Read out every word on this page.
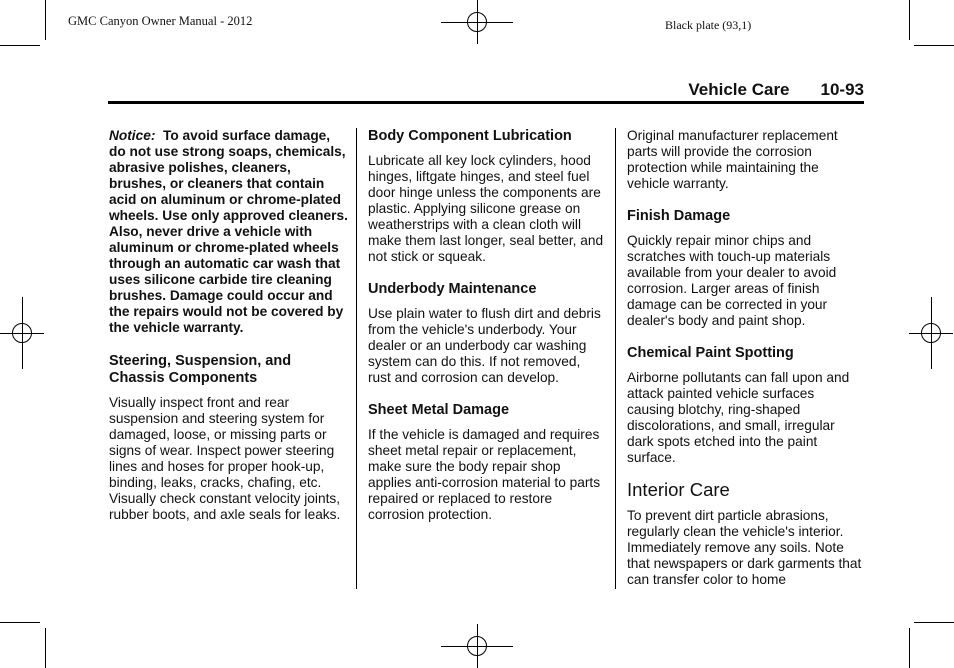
GMC Canyon Owner Manual - 2012	Black plate (93,1)
Vehicle Care 10-93

Notice: To avoid surface damage, do not use strong soaps, chemicals, abrasive polishes, cleaners, brushes, or cleaners that contain acid on aluminum or chrome-plated wheels. Use only approved cleaners. Also, never drive a vehicle with aluminum or chrome-plated wheels through an automatic car wash that uses silicone carbide tire cleaning brushes. Damage could occur and the repairs would not be covered by the vehicle warranty.

Steering, Suspension, and Chassis Components

Visually inspect front and rear suspension and steering system for damaged, loose, or missing parts or signs of wear. Inspect power steering lines and hoses for proper hook-up, binding, leaks, cracks, chafing, etc. Visually check constant velocity joints, rubber boots, and axle seals for leaks.

Body Component Lubrication

Lubricate all key lock cylinders, hood hinges, liftgate hinges, and steel fuel door hinge unless the components are plastic. Applying silicone grease on weatherstrips with a clean cloth will make them last longer, seal better, and not stick or squeak.

Underbody Maintenance

Use plain water to flush dirt and debris from the vehicle's underbody. Your dealer or an underbody car washing system can do this. If not removed, rust and corrosion can develop.

Sheet Metal Damage

If the vehicle is damaged and requires sheet metal repair or replacement, make sure the body repair shop applies anti-corrosion material to parts repaired or replaced to restore corrosion protection.

Original manufacturer replacement parts will provide the corrosion protection while maintaining the vehicle warranty.

Finish Damage

Quickly repair minor chips and scratches with touch-up materials available from your dealer to avoid corrosion. Larger areas of finish damage can be corrected in your dealer's body and paint shop.

Chemical Paint Spotting

Airborne pollutants can fall upon and attack painted vehicle surfaces causing blotchy, ring-shaped discolorations, and small, irregular dark spots etched into the paint surface.

Interior Care

To prevent dirt particle abrasions, regularly clean the vehicle's interior. Immediately remove any soils. Note that newspapers or dark garments that can transfer color to home
